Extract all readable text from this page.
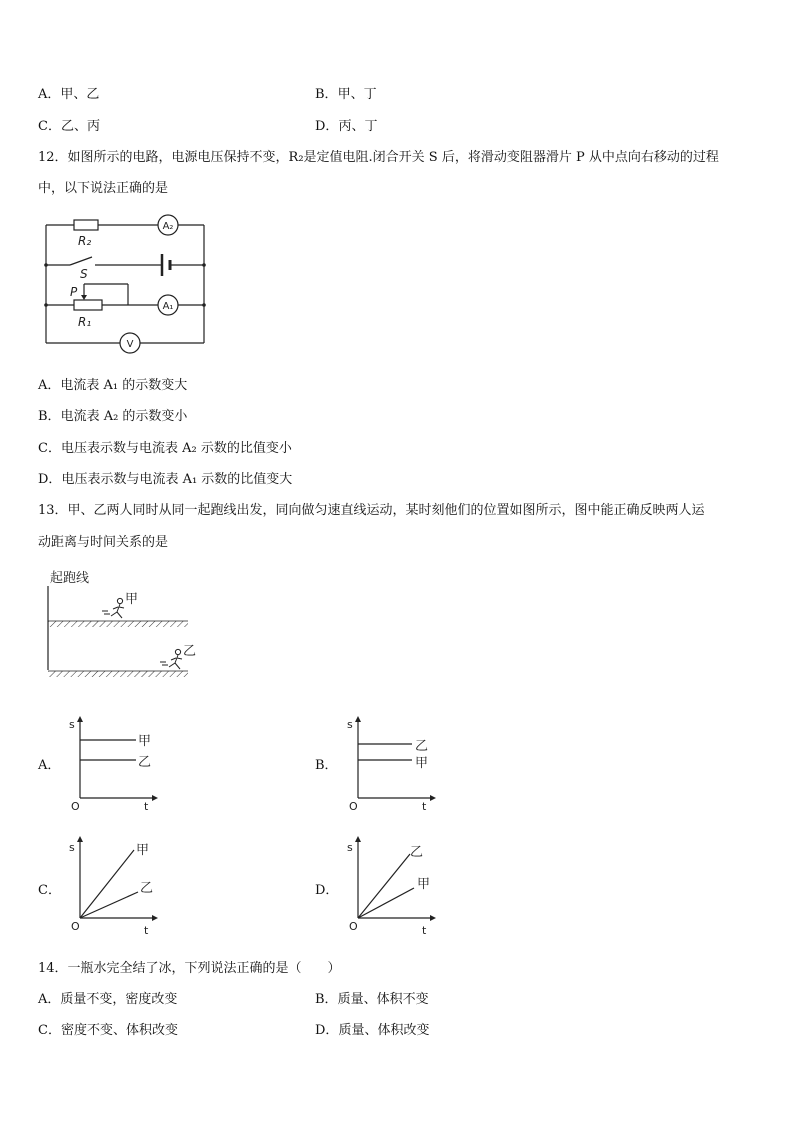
A．甲、乙	B．甲、丁
C．乙、丙	D．丙、丁
12．如图所示的电路，电源电压保持不变，R₂是定值电阻.闭合开关 S 后，将滑动变阻器滑片 P 从中点向右移动的过程
中，以下说法正确的是
R₂
R₁
S
P
A₂
A₁
V
A．电流表 A₁ 的示数变大
B．电流表 A₂ 的示数变小
C．电压表示数与电流表 A₂ 示数的比值变小
D．电压表示数与电流表 A₁ 示数的比值变大
13．甲、乙两人同时从同一起跑线出发，同向做匀速直线运动，某时刻他们的位置如图所示，图中能正确反映两人运
动距离与时间关系的是
起跑线
甲
乙
A．
s
t
O
甲
乙	B．
s
t
O
乙
甲
C．
s
t
O
甲
乙	D．
s
t
O
乙
甲
14．一瓶水完全结了冰，下列说法正确的是（　　）
A．质量不变，密度改变	B．质量、体积不变
C．密度不变、体积改变	D．质量、体积改变
